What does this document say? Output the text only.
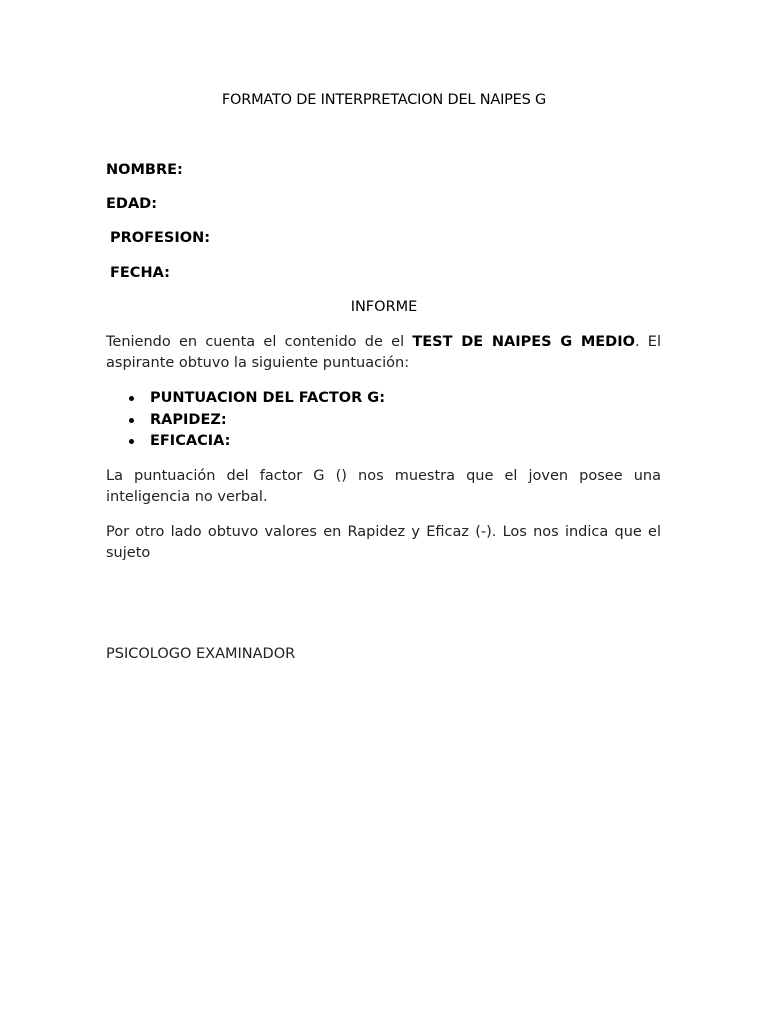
FORMATO DE INTERPRETACION DEL NAIPES G
NOMBRE:
EDAD:
PROFESION:
FECHA:
INFORME
Teniendo en cuenta el contenido de el TEST DE NAIPES G MEDIO. El aspirante obtuvo la siguiente puntuación:
PUNTUACION DEL FACTOR G:
RAPIDEZ:
EFICACIA:
La puntuación del factor G () nos muestra que el joven posee una inteligencia no verbal.
Por otro lado obtuvo valores en Rapidez y Eficaz (-). Los nos indica que el sujeto
PSICOLOGO EXAMINADOR
